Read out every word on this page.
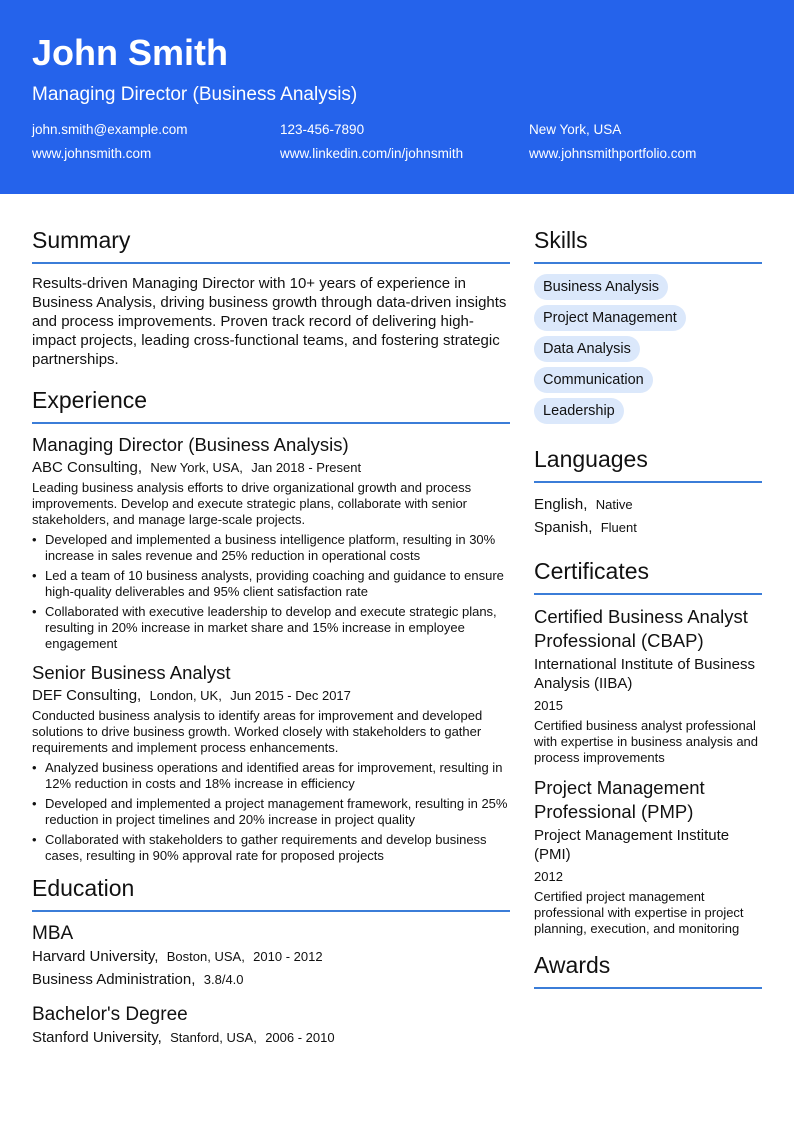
John Smith
Managing Director (Business Analysis)
john.smith@example.com	123-456-7890	New York, USA
www.johnsmith.com	www.linkedin.com/in/johnsmith	www.johnsmithportfolio.com
Summary

Results-driven Managing Director with 10+ years of experience in Business Analysis, driving business growth through data-driven insights and process improvements. Proven track record of delivering high-impact projects, leading cross-functional teams, and fostering strategic partnerships.

Experience
Managing Director (Business Analysis)
ABC Consulting, New York, USA, Jan 2018 - Present
Leading business analysis efforts to drive organizational growth and process improvements. Develop and execute strategic plans, collaborate with senior stakeholders, and manage large-scale projects.
• Developed and implemented a business intelligence platform, resulting in 30% increase in sales revenue and 25% reduction in operational costs
• Led a team of 10 business analysts, providing coaching and guidance to ensure high-quality deliverables and 95% client satisfaction rate
• Collaborated with executive leadership to develop and execute strategic plans, resulting in 20% increase in market share and 15% increase in employee engagement
Senior Business Analyst
DEF Consulting, London, UK, Jun 2015 - Dec 2017
Conducted business analysis to identify areas for improvement and developed solutions to drive business growth. Worked closely with stakeholders to gather requirements and implement process enhancements.
• Analyzed business operations and identified areas for improvement, resulting in 12% reduction in costs and 18% increase in efficiency
• Developed and implemented a project management framework, resulting in 25% reduction in project timelines and 20% increase in project quality
• Collaborated with stakeholders to gather requirements and develop business cases, resulting in 90% approval rate for proposed projects
Education
MBA
Harvard University, Boston, USA, 2010 - 2012
Business Administration, 3.8/4.0
Bachelor's Degree
Stanford University, Stanford, USA, 2006 - 2010
Skills
Business Analysis
Project Management
Data Analysis
Communication
Leadership
Languages
English, Native
Spanish, Fluent
Certificates
Certified Business Analyst Professional (CBAP)
International Institute of Business Analysis (IIBA)
2015
Certified business analyst professional with expertise in business analysis and process improvements
Project Management Professional (PMP)
Project Management Institute (PMI)
2012
Certified project management professional with expertise in project planning, execution, and monitoring
Awards
